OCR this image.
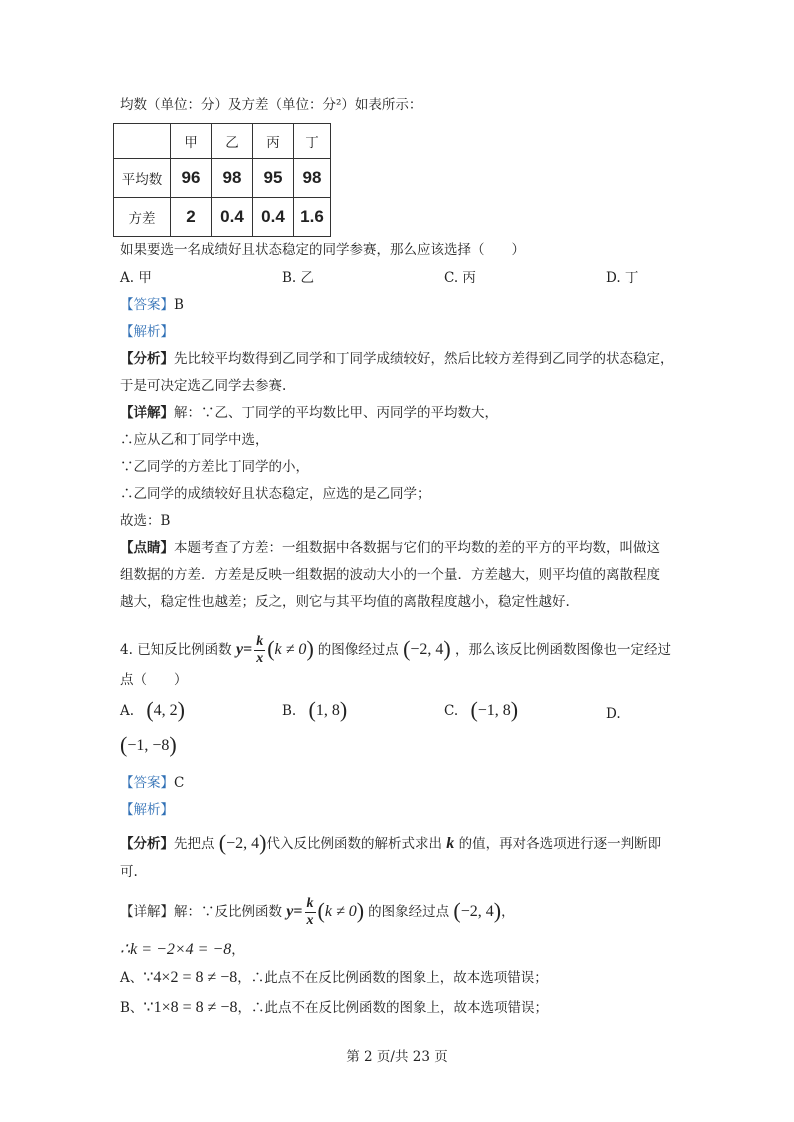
均数（单位：分）及方差（单位：分²）如表所示：
	甲	乙	丙	丁
平均数	96	98	95	98
方差	2	0.4	0.4	1.6
如果要选一名成绩好且状态稳定的同学参赛，那么应该选择（　　）
A. 甲	B. 乙	C. 丙	D. 丁
【答案】B
【解析】
【分析】先比较平均数得到乙同学和丁同学成绩较好，然后比较方差得到乙同学的状态稳定，
于是可决定选乙同学去参赛.
【详解】解：∵乙、丁同学的平均数比甲、丙同学的平均数大，
∴应从乙和丁同学中选，
∵乙同学的方差比丁同学的小，
∴乙同学的成绩较好且状态稳定，应选的是乙同学；
故选：B
【点睛】本题考查了方差：一组数据中各数据与它们的平均数的差的平方的平均数，叫做这
组数据的方差．方差是反映一组数据的波动大小的一个量．方差越大，则平均值的离散程度
越大，稳定性也越差；反之，则它与其平均值的离散程度越小，稳定性越好.
4. 已知反比例函数 $y= \frac{k}{x} (k \ne 0)$ 的图像经过点 (−2, 4) ，那么该反比例函数图像也一定经过
点（　　）
A. (4, 2)	B. (1, 8)	C. (−1, 8)	D.
(−1, −8)
【答案】C
【解析】
【分析】先把点 (−2, 4)代入反比例函数的解析式求出 k 的值，再对各选项进行逐一判断即
可.
【详解】解：∵反比例函数 $y= \frac{k}{x} (k \ne 0)$ 的图象经过点 (−2, 4)，
∴k = −2×4 = −8，
A、∵4×2 = 8 ≠ −8，∴此点不在反比例函数的图象上，故本选项错误；
B、∵1×8 = 8 ≠ −8，∴此点不在反比例函数的图象上，故本选项错误；
第 2 页/共 23 页
